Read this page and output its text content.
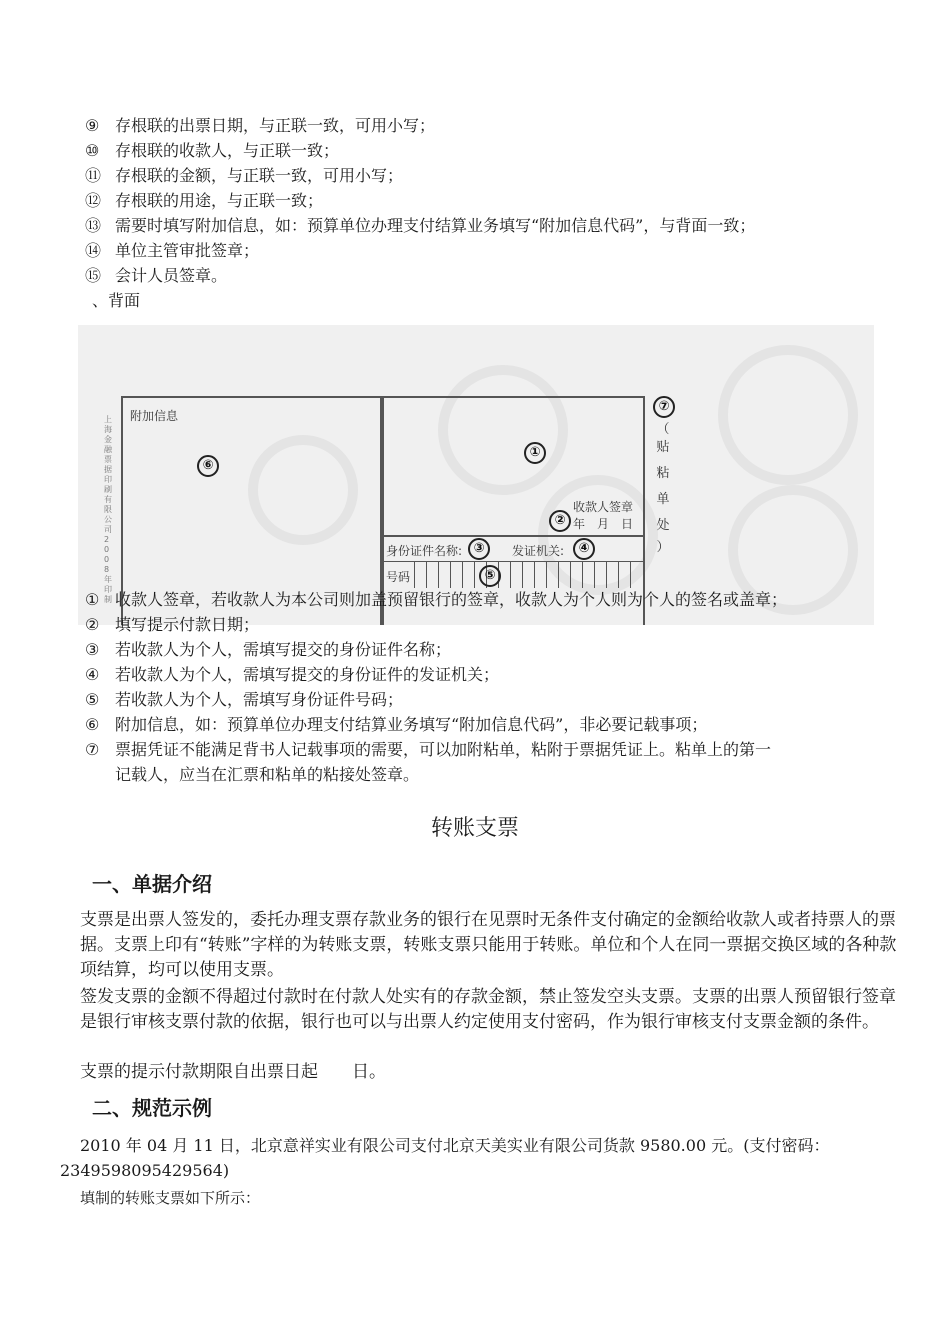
⑨ 存根联的出票日期，与正联一致，可用小写；
⑩ 存根联的收款人，与正联一致；
⑪ 存根联的金额，与正联一致，可用小写；
⑫ 存根联的用途，与正联一致；
⑬ 需要时填写附加信息，如：预算单位办理支付结算业务填写“附加信息代码”，与背面一致；
⑭ 单位主管审批签章；
⑮ 会计人员签章。
、背面
上海金融票据印刷有限公司2008年印制
附加信息
收款人签章
年　月　日
身份证件名称:	发证机关:
号码
（
贴
粘
单
处
）
①
②
③	④
⑤
⑥
⑦
① 收款人签章，若收款人为本公司则加盖预留银行的签章，收款人为个人则为个人的签名或盖章；
② 填写提示付款日期；
③ 若收款人为个人，需填写提交的身份证件名称；
④ 若收款人为个人，需填写提交的身份证件的发证机关；
⑤ 若收款人为个人，需填写身份证件号码；
⑥ 附加信息，如：预算单位办理支付结算业务填写“附加信息代码”，非必要记载事项；
⑦ 票据凭证不能满足背书人记载事项的需要，可以加附粘单，粘附于票据凭证上。粘单上的第一
记载人，应当在汇票和粘单的粘接处签章。
转账支票
一、单据介绍
支票是出票人签发的，委托办理支票存款业务的银行在见票时无条件支付确定的金额给收款人或者持票人的票据。支票上印有“转账”字样的为转账支票，转账支票只能用于转账。单位和个人在同一票据交换区域的各种款项结算，均可以使用支票。
签发支票的金额不得超过付款时在付款人处实有的存款金额，禁止签发空头支票。支票的出票人预留银行签章是银行审核支票付款的依据，银行也可以与出票人约定使用支付密码，作为银行审核支付支票金额的条件。
支票的提示付款期限自出票日起　　日。
二、规范示例
2010 年 04 月 11 日，北京意祥实业有限公司支付北京天美实业有限公司货款 9580.00 元。(支付密码：
2349598095429564)
填制的转账支票如下所示：
